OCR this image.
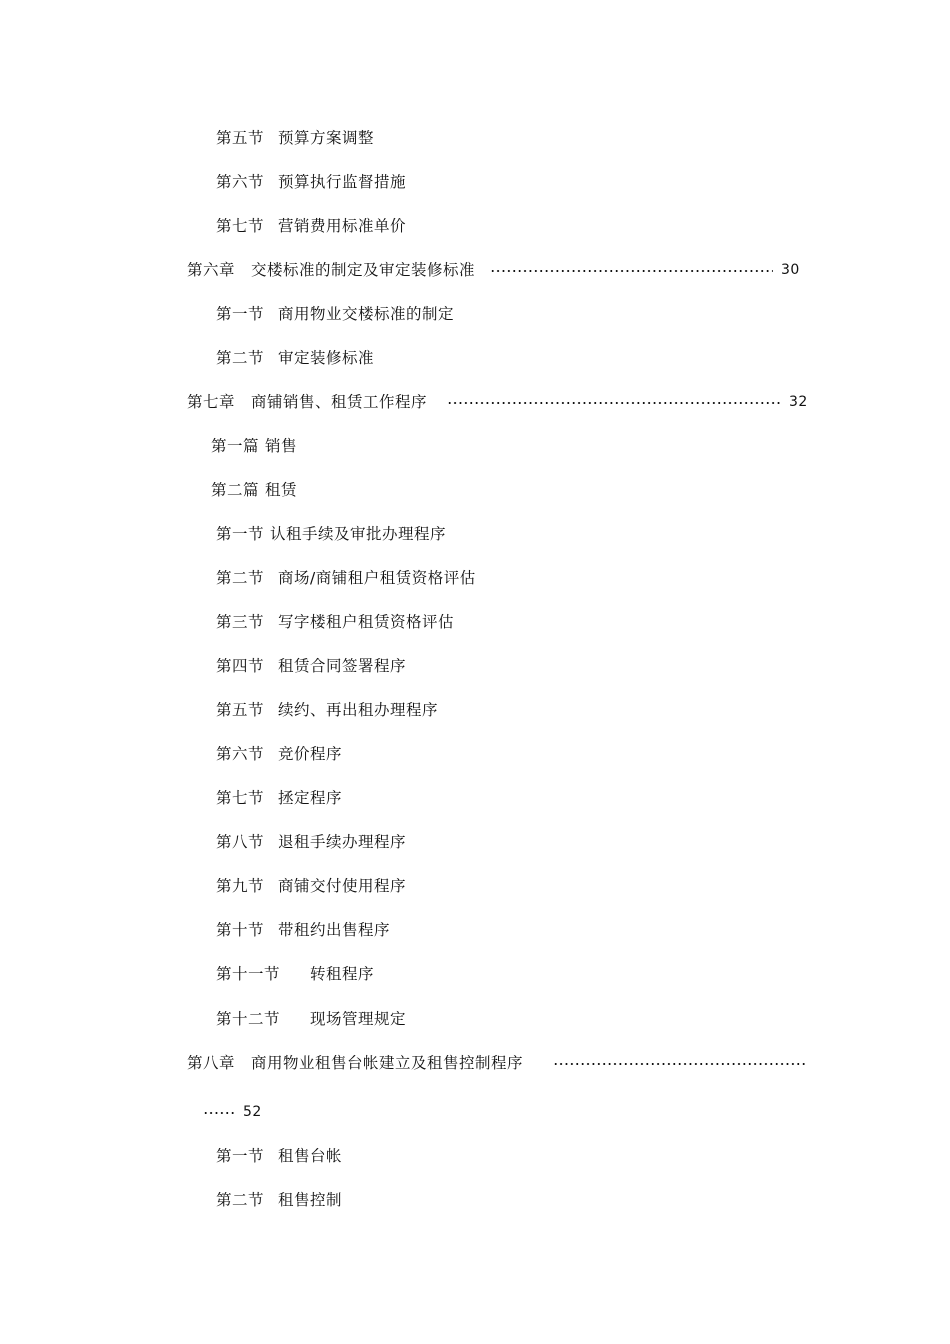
第五节 预算方案调整
第六节 预算执行监督措施
第七节 营销费用标准单价
第六章 交楼标准的制定及审定装修标准	30
第一节 商用物业交楼标准的制定
第二节 审定装修标准
第七章 商铺销售、租赁工作程序	32
第一篇 销售
第二篇 租赁
第一节 认租手续及审批办理程序
第二节 商场/商铺租户租赁资格评估
第三节 写字楼租户租赁资格评估
第四节 租赁合同签署程序
第五节 续约、再出租办理程序
第六节 竞价程序
第七节 拯定程序
第八节 退租手续办理程序
第九节 商铺交付使用程序
第十节 带租约出售程序
第十一节 转租程序
第十二节 现场管理规定
第八章 商用物业租售台帐建立及租售控制程序
52
第一节 租售台帐
第二节 租售控制
